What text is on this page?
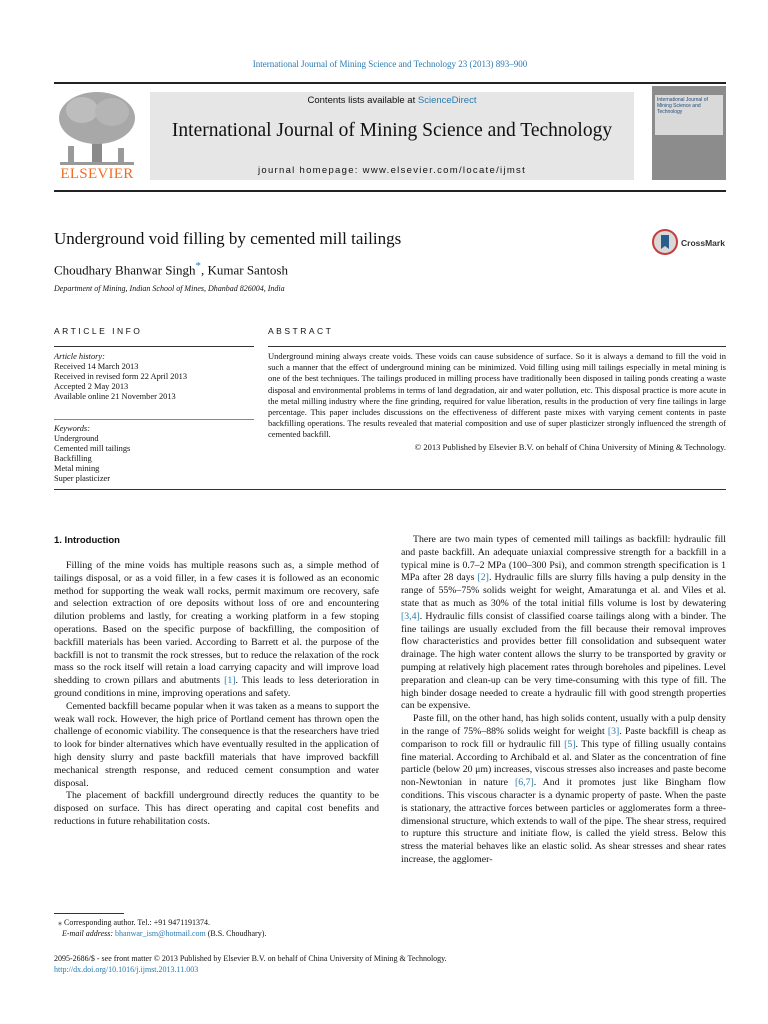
International Journal of Mining Science and Technology 23 (2013) 893–900
ELSEVIER
Contents lists available at ScienceDirect
International Journal of Mining Science and Technology
journal homepage: www.elsevier.com/locate/ijmst
International Journal of Mining Science and Technology
Underground void filling by cemented mill tailings	CrossMark
Choudhary Bhanwar Singh*, Kumar Santosh
Department of Mining, Indian School of Mines, Dhanbad 826004, India
ARTICLE INFO	ABSTRACT
Article history:
Received 14 March 2013
Received in revised form 22 April 2013
Accepted 2 May 2013
Available online 21 November 2013
Keywords:
Underground
Cemented mill tailings
Backfilling
Metal mining
Super plasticizer
Underground mining always create voids. These voids can cause subsidence of surface. So it is always a demand to fill the void in such a manner that the effect of underground mining can be minimized. Void filling using mill tailings especially in metal mining is one of the best techniques. The tailings produced in milling process have traditionally been disposed in tailing ponds creating a waste disposal and environmental problems in terms of land degradation, air and water pollution, etc. This disposal practice is more acute in the metal milling industry where the fine grinding, required for value liberation, results in the production of very fine tailings in large percentage. This paper includes discussions on the effectiveness of different paste mixes with varying cement contents in paste backfilling operations. The results revealed that material composition and use of super plasticizer strongly influenced the strength of cemented backfill.
© 2013 Published by Elsevier B.V. on behalf of China University of Mining & Technology.
1. Introduction

Filling of the mine voids has multiple reasons such as, a simple method of tailings disposal, or as a void filler, in a few cases it is followed as an economic method for supporting the weak wall rocks, permit maximum ore recovery, safe and selection extraction of ore deposits without loss of ore and encountering dilution problems and lastly, for creating a working platform in a few stoping operations. Based on the specific purpose of backfilling, the composition of backfill materials has been varied. According to Barrett et al. the purpose of the backfill is not to transmit the rock stresses, but to reduce the relaxation of the rock mass so the rock itself will retain a load carrying capacity and will improve load shedding to crown pillars and abutments [1]. This leads to less deterioration in ground conditions in mine, improving operations and safety.

Cemented backfill became popular when it was taken as a means to support the weak wall rock. However, the high price of Portland cement has thrown open the challenge of economic viability. The consequence is that the researchers have tried to look for binder alternatives which have eventually resulted in the application of high density slurry and paste backfill materials that have improved backfill mechanical strength response, and reduced cement consumption and water disposal.

The placement of backfill underground directly reduces the quantity to be disposed on surface. This has direct operating and capital cost benefits and reductions in future rehabilitation costs.

There are two main types of cemented mill tailings as backfill: hydraulic fill and paste backfill. An adequate uniaxial compressive strength for a backfill in a typical mine is 0.7–2 MPa (100–300 Psi), and common strength specification is 1 MPa after 28 days [2]. Hydraulic fills are slurry fills having a pulp density in the range of 55%–75% solids weight for weight, Amaratunga et al. and Viles et al. state that as much as 30% of the total initial fills volume is lost by dewatering [3,4]. Hydraulic fills consist of classified coarse tailings along with a binder. The fine tailings are usually excluded from the fill because their removal improves flow characteristics and provides better fill consolidation and subsequent water drainage. The high water content allows the slurry to be transported by gravity or pumping at relatively high placement rates through boreholes and pipelines. Level preparation and clean-up can be very time-consuming with this type of fill. The high binder dosage needed to create a hydraulic fill with good strength properties can be expensive.

Paste fill, on the other hand, has high solids content, usually with a pulp density in the range of 75%–88% solids weight for weight [3]. Paste backfill is cheap as comparison to rock fill or hydraulic fill [5]. This type of filling usually contains fine material. According to Archibald et al. and Slater as the concentration of fine particle (below 20 μm) increases, viscous stresses also increases and paste become non-Newtonian in nature [6,7]. And it promotes just like Bingham flow conditions. This viscous character is a dynamic property of paste. When the paste is stationary, the attractive forces between particles or agglomerates form a three-dimensional structure, which extends to wall of the pipe. The shear stress, required to rupture this structure and initiate flow, is called the yield stress. Below this stress the material behaves like an elastic solid. As shear stresses and shear rates increase, the agglomer-

⁎ Corresponding author. Tel.: +91 9471191374.
E-mail address: bhanwar_ism@hotmail.com (B.S. Choudhary).
2095-2686/$ - see front matter © 2013 Published by Elsevier B.V. on behalf of China University of Mining & Technology.
http://dx.doi.org/10.1016/j.ijmst.2013.11.003
